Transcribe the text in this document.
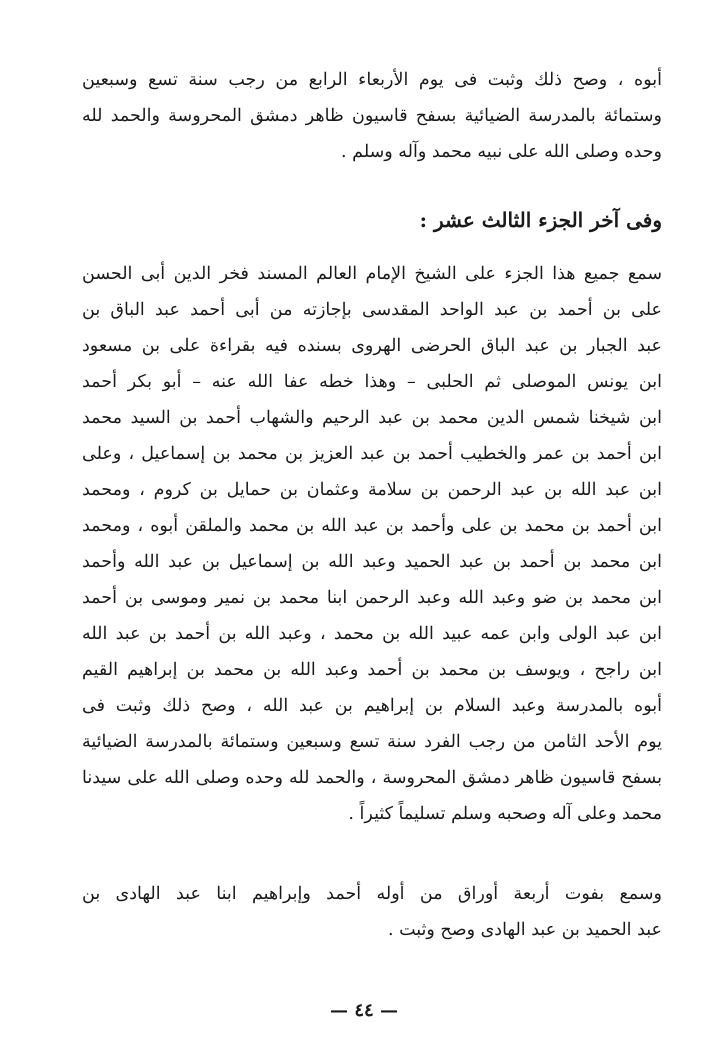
أبوه ، وصح ذلك وثبت فى يوم الأربعاء الرابع من رجب سنة تسع وسبعين
وستمائة بالمدرسة الضيائية بسفح قاسيون ظاهر دمشق المحروسة والحمد لله
وحده وصلى الله على نبيه محمد وآله وسلم .
وفى آخر الجزء الثالث عشر :
سمع جميع هذا الجزء على الشيخ الإمام العالم المسند فخر الدين أبى الحسن
على بن أحمد بن عبد الواحد المقدسى بإجازته من أبى أحمد عبد الباق بن
عبد الجبار بن عبد الباق الحرضى الهروى بسنده فيه بقراءة على بن مسعود
ابن يونس الموصلى ثم الحلبى – وهذا خطه عفا الله عنه – أبو بكر أحمد
ابن شيخنا شمس الدين محمد بن عبد الرحيم والشهاب أحمد بن السيد محمد
ابن أحمد بن عمر والخطيب أحمد بن عبد العزيز بن محمد بن إسماعيل ، وعلى
ابن عبد الله بن عبد الرحمن بن سلامة وعثمان بن حمايل بن كروم ، ومحمد
ابن أحمد بن محمد بن على وأحمد بن عبد الله بن محمد والملقن أبوه ، ومحمد
ابن محمد بن أحمد بن عبد الحميد وعبد الله بن إسماعيل بن عبد الله وأحمد
ابن محمد بن ضو وعبد الله وعبد الرحمن ابنا محمد بن نمير وموسى بن أحمد
ابن عبد الولى وابن عمه عبيد الله بن محمد ، وعبد الله بن أحمد بن عبد الله
ابن راجح ، ويوسف بن محمد بن أحمد وعبد الله بن محمد بن إبراهيم القيم
أبوه بالمدرسة وعبد السلام بن إبراهيم بن عبد الله ، وصح ذلك وثبت فى
يوم الأحد الثامن من رجب الفرد سنة تسع وسبعين وستمائة بالمدرسة الضيائية
بسفح قاسيون ظاهر دمشق المحروسة ، والحمد لله وحده وصلى الله على سيدنا
محمد وعلى آله وصحبه وسلم تسليماً كثيراً .
وسمع بفوت أربعة أوراق من أوله أحمد وإبراهيم ابنا عبد الهادى بن
عبد الحميد بن عبد الهادى وصح وثبت .
— ٤٤ —
